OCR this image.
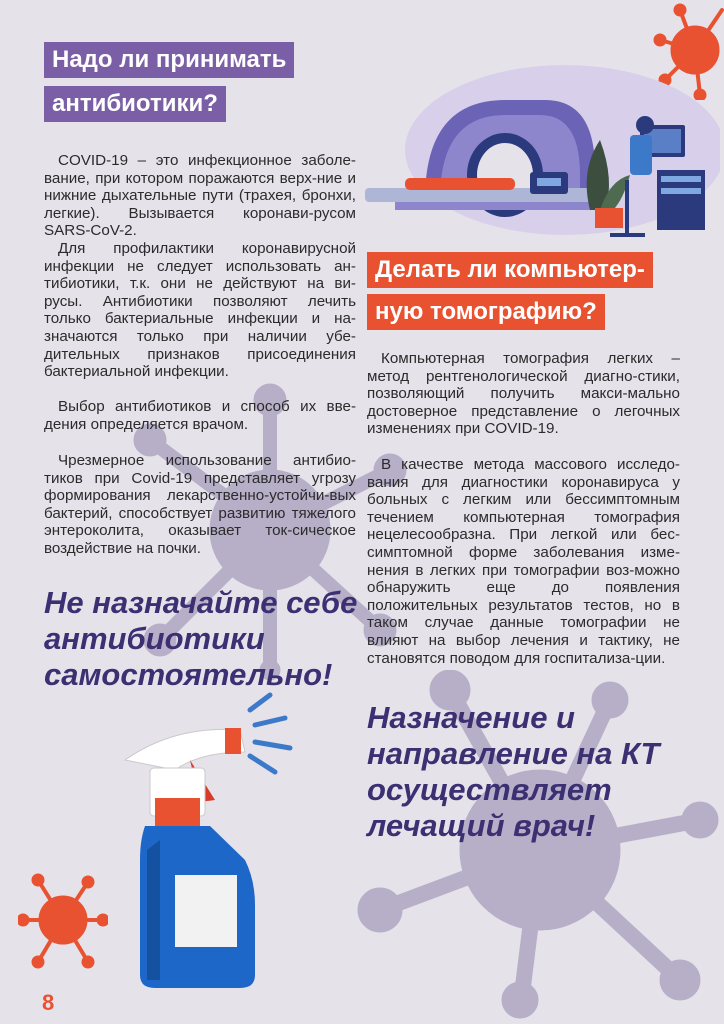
Надо ли принимать
антибиотики?

COVID-19 – это инфекционное заболе-вание, при котором поражаются верх-ние и нижние дыхательные пути (трахея, бронхи, легкие). Вызывается коронави-русом SARS-CoV-2.

Для профилактики коронавирусной инфекции не следует использовать ан-тибиотики, т.к. они не действуют на ви-русы. Антибиотики позволяют лечить только бактериальные инфекции и на-значаются только при наличии убе-дительных признаков присоединения бактериальной инфекции.

Выбор антибиотиков и способ их вве-дения определяется врачом.

Чрезмерное использование антибио-тиков при Covid-19 представляет угрозу формирования лекарственно-устойчи-вых бактерий, способствует развитию тяжелого энтероколита, оказывает ток-сическое воздействие на почки.

Не назначайте себе антибиотики самостоятельно!

Делать ли компьютер-
ную томографию?

Компьютерная томография легких – метод рентгенологической диагно-стики, позволяющий получить макси-мально достоверное представление о легочных изменениях при COVID-19.

В качестве метода массового исследо-вания для диагностики коронавируса у больных с легким или бессимптомным течением компьютерная томография нецелесообразна. При легкой или бес-симптомной форме заболевания изме-нения в легких при томографии воз-можно обнаружить еще до появления положительных результатов тестов, но в таком случае данные томографии не влияют на выбор лечения и тактику, не становятся поводом для госпитализа-ции.

Назначение и направление на КТ осуществляет лечащий врач!

8
